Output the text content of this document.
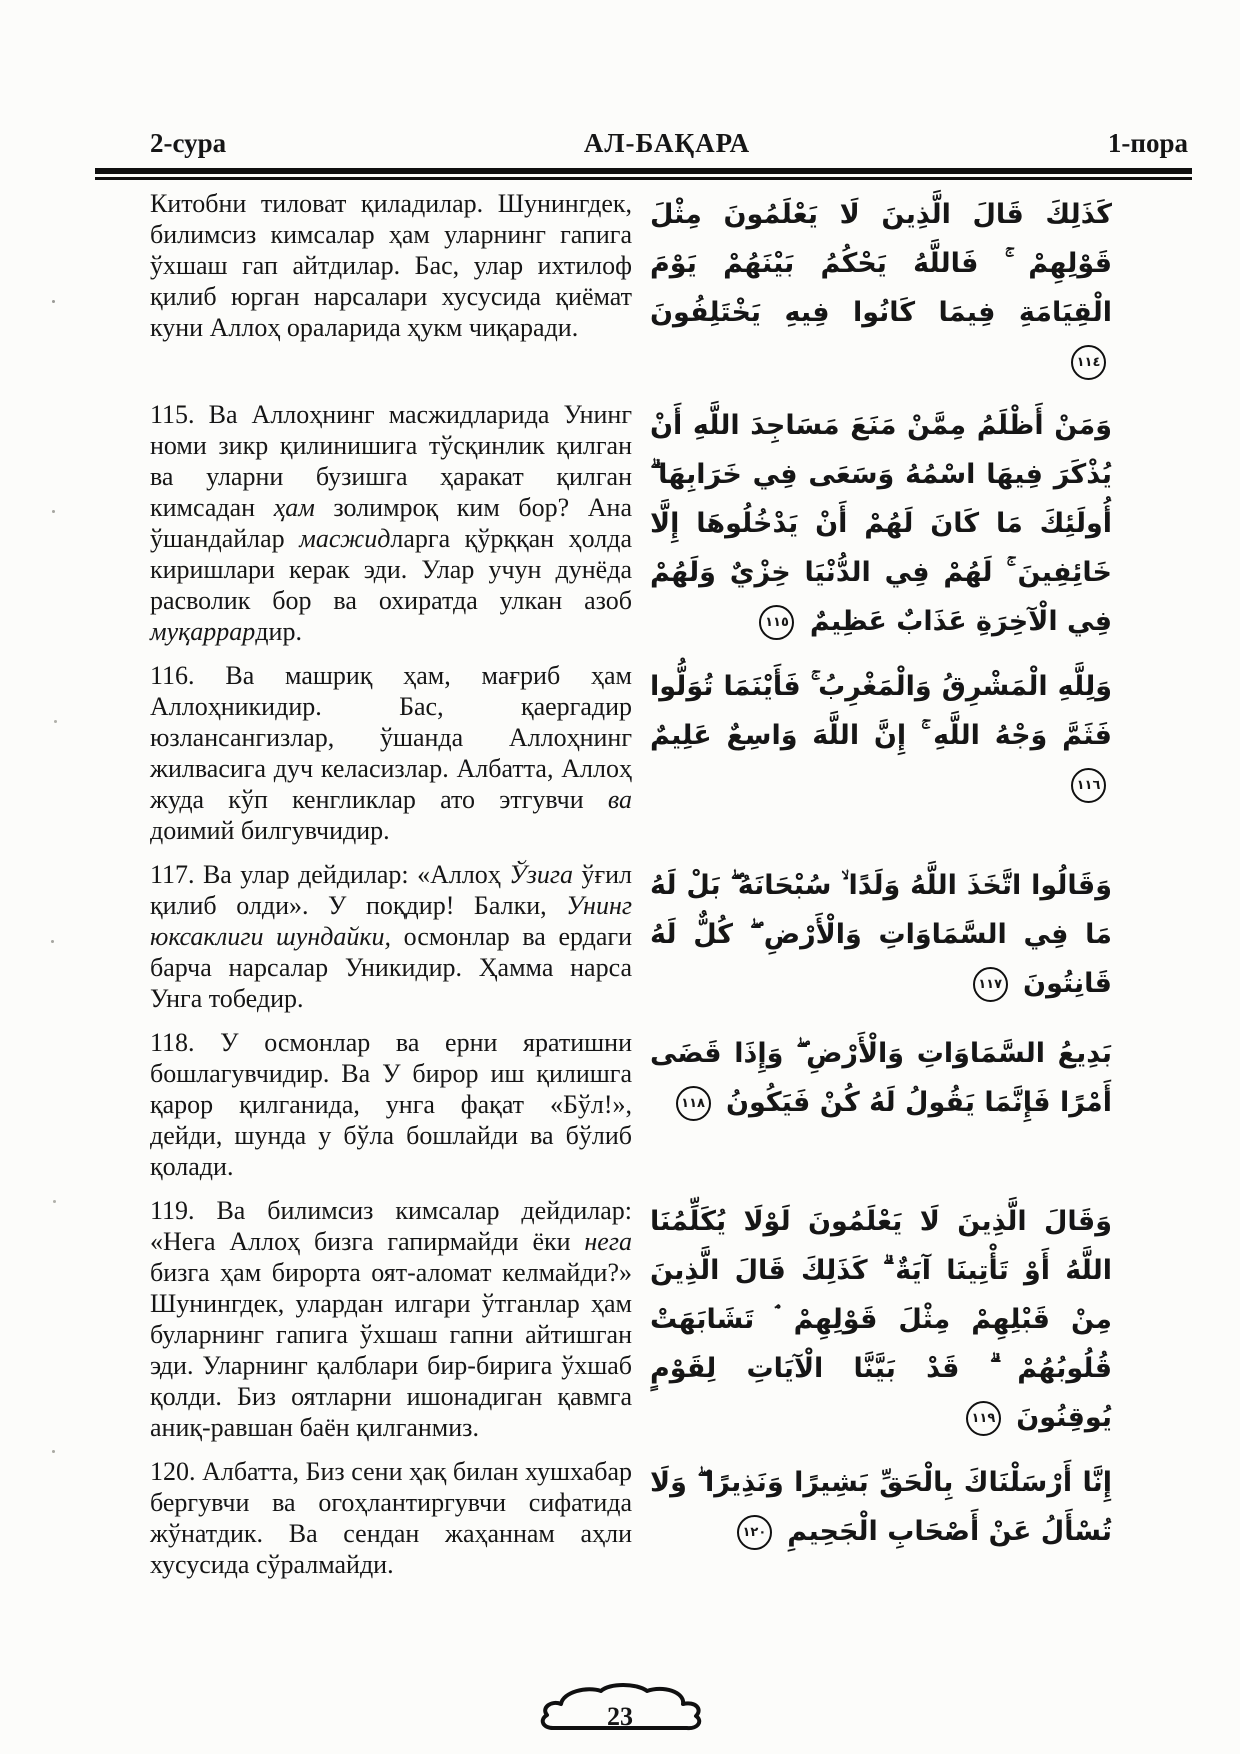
2-сура	АЛ-БАҚАРА	1-пора
Китобни тиловат қиладилар. Шунингдек, билимсиз кимсалар ҳам уларнинг гапига ўхшаш гап айтдилар. Бас, улар ихтилоф қилиб юрган нарсалари хусусида қиёмат куни Аллоҳ ораларида ҳукм чиқаради.
كَذَلِكَ قَالَ الَّذِينَ لَا يَعْلَمُونَ مِثْلَ قَوْلِهِمْ ۚ فَاللَّهُ يَحْكُمُ بَيْنَهُمْ يَوْمَ الْقِيَامَةِ فِيمَا كَانُوا فِيهِ يَخْتَلِفُونَ ١١٤
115. Ва Аллоҳнинг масжидларида Унинг номи зикр қилинишига тўсқинлик қилган ва уларни бузишга ҳаракат қилган кимсадан ҳам золимроқ ким бор? Ана ўшандайлар масжидларга қўрққан ҳолда киришлари керак эди. Улар учун дунёда расволик бор ва охиратда улкан азоб муқаррардир.
وَمَنْ أَظْلَمُ مِمَّنْ مَنَعَ مَسَاجِدَ اللَّهِ أَنْ يُذْكَرَ فِيهَا اسْمُهُ وَسَعَى فِي خَرَابِهَا ۗ أُولَئِكَ مَا كَانَ لَهُمْ أَنْ يَدْخُلُوهَا إِلَّا خَائِفِينَ ۚ لَهُمْ فِي الدُّنْيَا خِزْيٌ وَلَهُمْ فِي الْآخِرَةِ عَذَابٌ عَظِيمٌ ١١٥
116. Ва машриқ ҳам, мағриб ҳам Аллоҳникидир. Бас, қаергадир юзлансангизлар, ўшанда Аллоҳнинг жилвасига дуч келасизлар. Албатта, Аллоҳ жуда кўп кенгликлар ато этгувчи ва доимий билгувчидир.
وَلِلَّهِ الْمَشْرِقُ وَالْمَغْرِبُ ۚ فَأَيْنَمَا تُوَلُّوا فَثَمَّ وَجْهُ اللَّهِ ۚ إِنَّ اللَّهَ وَاسِعٌ عَلِيمٌ ١١٦
117. Ва улар дейдилар: «Аллоҳ Ўзига ўғил қилиб олди». У поқдир! Балки, Унинг юксаклиги шундайки, осмонлар ва ердаги барча нарсалар Уникидир. Ҳамма нарса Унга тобедир.
وَقَالُوا اتَّخَذَ اللَّهُ وَلَدًا ۙ سُبْحَانَهُ ۖ بَلْ لَهُ مَا فِي السَّمَاوَاتِ وَالْأَرْضِ ۖ كُلٌّ لَهُ قَانِتُونَ ١١٧
118. У осмонлар ва ерни яратишни бошлагувчидир. Ва У бирор иш қилишга қарор қилганида, унга фақат «Бўл!», дейди, шунда у бўла бошлайди ва бўлиб қолади.
بَدِيعُ السَّمَاوَاتِ وَالْأَرْضِ ۖ وَإِذَا قَضَى أَمْرًا فَإِنَّمَا يَقُولُ لَهُ كُنْ فَيَكُونُ ١١٨
119. Ва билимсиз кимсалар дейдилар: «Нега Аллоҳ бизга гапирмайди ёки нега бизга ҳам бирорта оят-аломат келмайди?» Шунингдек, улардан илгари ўтганлар ҳам буларнинг гапига ўхшаш гапни айтишган эди. Уларнинг қалблари бир-бирига ўхшаб қолди. Биз оятларни ишонадиган қавмга аниқ-равшан баён қилганмиз.
وَقَالَ الَّذِينَ لَا يَعْلَمُونَ لَوْلَا يُكَلِّمُنَا اللَّهُ أَوْ تَأْتِينَا آيَةٌ ۗ كَذَلِكَ قَالَ الَّذِينَ مِنْ قَبْلِهِمْ مِثْلَ قَوْلِهِمْ ۘ تَشَابَهَتْ قُلُوبُهُمْ ۗ قَدْ بَيَّنَّا الْآيَاتِ لِقَوْمٍ يُوقِنُونَ ١١٩
120. Албатта, Биз сени ҳақ билан хушхабар бергувчи ва огоҳлантиргувчи сифатида жўнатдик. Ва сендан жаҳаннам аҳли хусусида сўралмайди.
إِنَّا أَرْسَلْنَاكَ بِالْحَقِّ بَشِيرًا وَنَذِيرًا ۖ وَلَا تُسْأَلُ عَنْ أَصْحَابِ الْجَحِيمِ ١٢٠
23
